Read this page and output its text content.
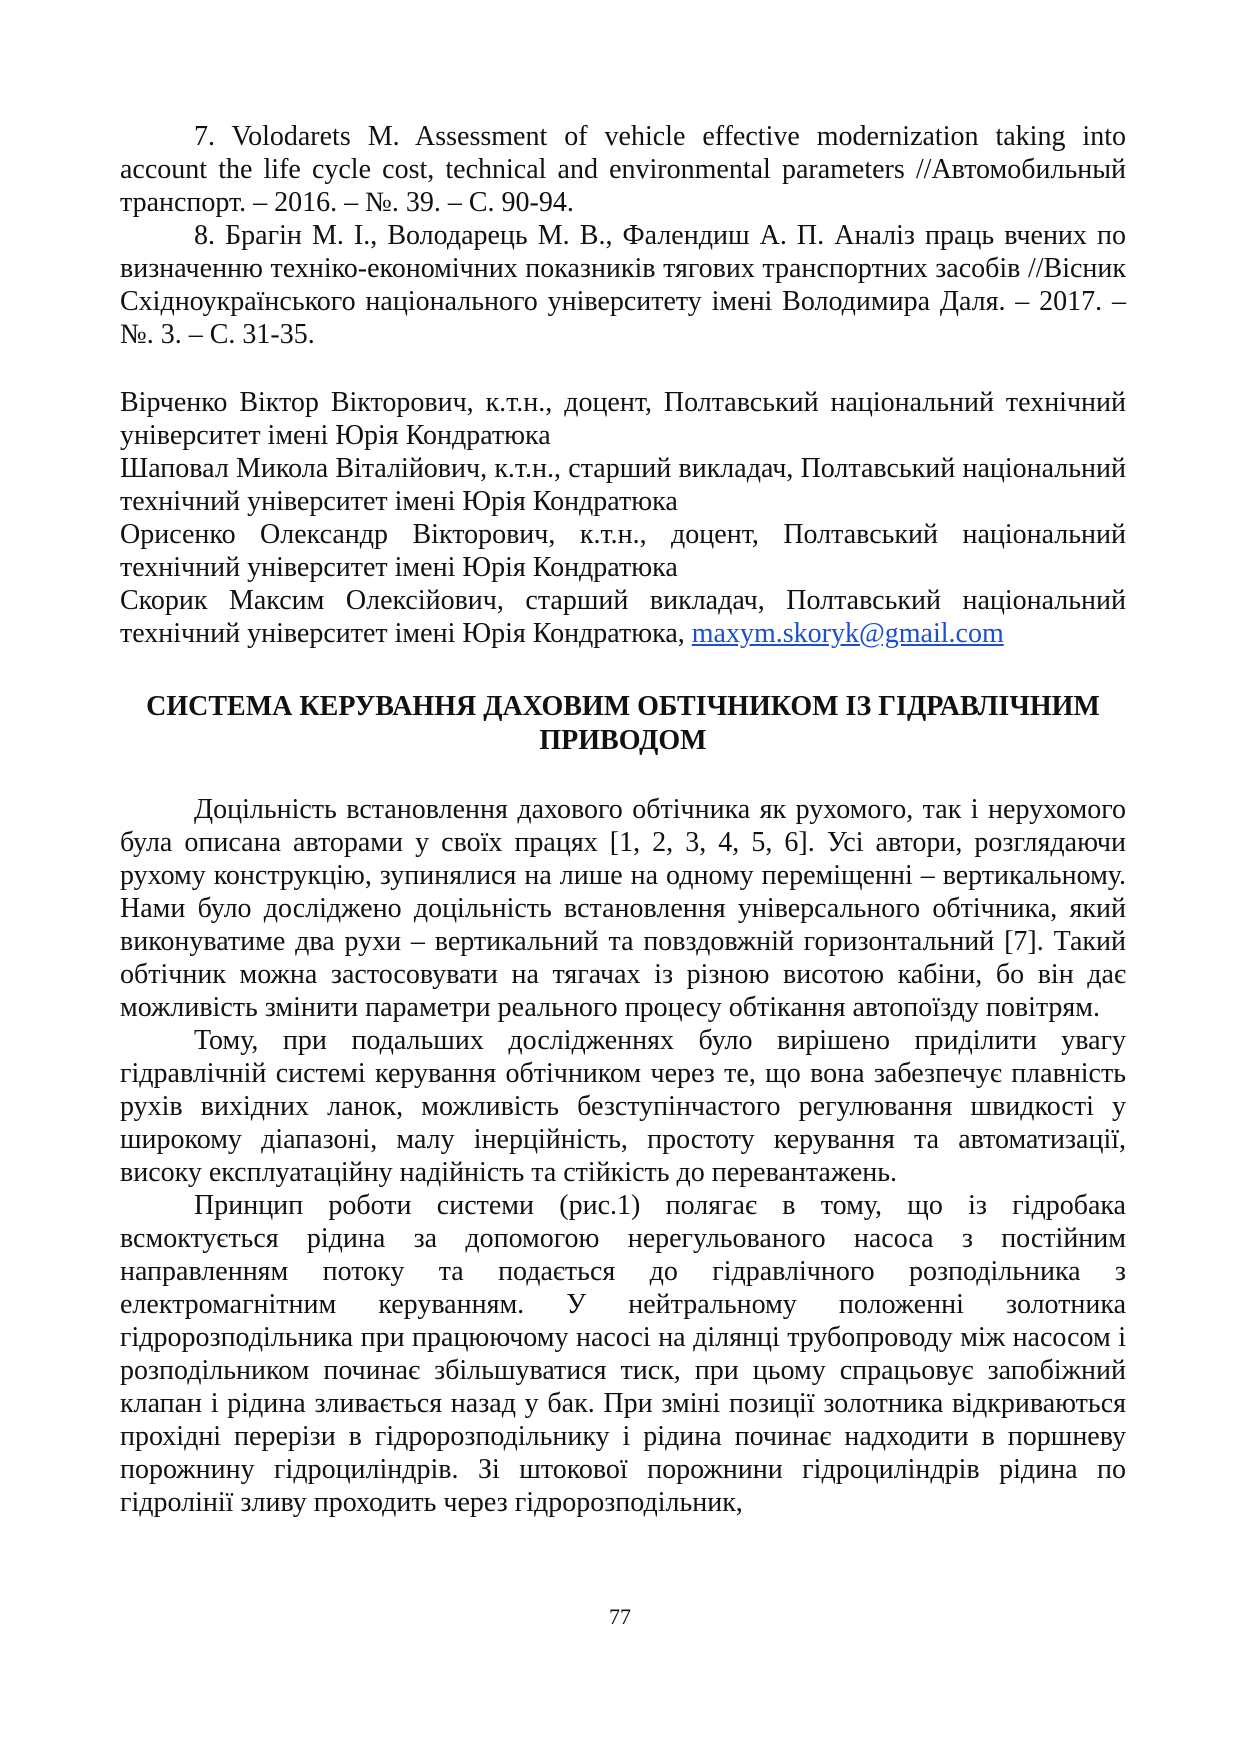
7. Volodarets M. Assessment of vehicle effective modernization taking into account the life cycle cost, technical and environmental parameters //Автомобильный транспорт. – 2016. – №. 39. – С. 90-94.

8. Брагін М. І., Володарець М. В., Фалендиш А. П. Аналіз праць вчених по визначенню техніко-економічних показників тягових транспортних засобів //Вісник Східноукраїнського національного університету імені Володимира Даля. – 2017. – №. 3. – С. 31-35.

Вірченко Віктор Вікторович, к.т.н., доцент, Полтавський національний технічний університет імені Юрія Кондратюка

Шаповал Микола Віталійович, к.т.н., старший викладач, Полтавський національний технічний університет імені Юрія Кондратюка

Орисенко Олександр Вікторович, к.т.н., доцент, Полтавський національний технічний університет імені Юрія Кондратюка

Скорик Максим Олексійович, старший викладач, Полтавський національний технічний університет імені Юрія Кондратюка, maxym.skoryk@gmail.com

СИСТЕМА КЕРУВАННЯ ДАХОВИМ ОБТІЧНИКОМ ІЗ ГІДРАВЛІЧНИМ
ПРИВОДОМ

Доцільність встановлення дахового обтічника як рухомого, так і нерухомого була описана авторами у своїх працях [1, 2, 3, 4, 5, 6]. Усі автори, розглядаючи рухому конструкцію, зупинялися на лише на одному переміщенні – вертикальному. Нами було досліджено доцільність встановлення універсального обтічника, який виконуватиме два рухи – вертикальний та повздовжній горизонтальний [7]. Такий обтічник можна застосовувати на тягачах із різною висотою кабіни, бо він дає можливість змінити параметри реального процесу обтікання автопоїзду повітрям.

Тому, при подальших дослідженнях було вирішено приділити увагу гідравлічній системі керування обтічником через те, що вона забезпечує плавність рухів вихідних ланок, можливість безступінчастого регулювання швидкості у широкому діапазоні, малу інерційність, простоту керування та автоматизації, високу експлуатаційну надійність та стійкість до перевантажень.

Принцип роботи системи (рис.1) полягає в тому, що із гідробака всмоктується рідина за допомогою нерегульованого насоса з постійним направленням потоку та подається до гідравлічного розподільника з електромагнітним керуванням. У нейтральному положенні золотника гідророзподільника при працюючому насосі на ділянці трубопроводу між насосом і розподільником починає збільшуватися тиск, при цьому спрацьовує запобіжний клапан і рідина зливається назад у бак. При зміні позиції золотника відкриваються прохідні перерізи в гідророзподільнику і рідина починає надходити в поршневу порожнину гідроциліндрів. Зі штокової порожнини гідроциліндрів рідина по гідролінії зливу проходить через гідророзподільник,

77
